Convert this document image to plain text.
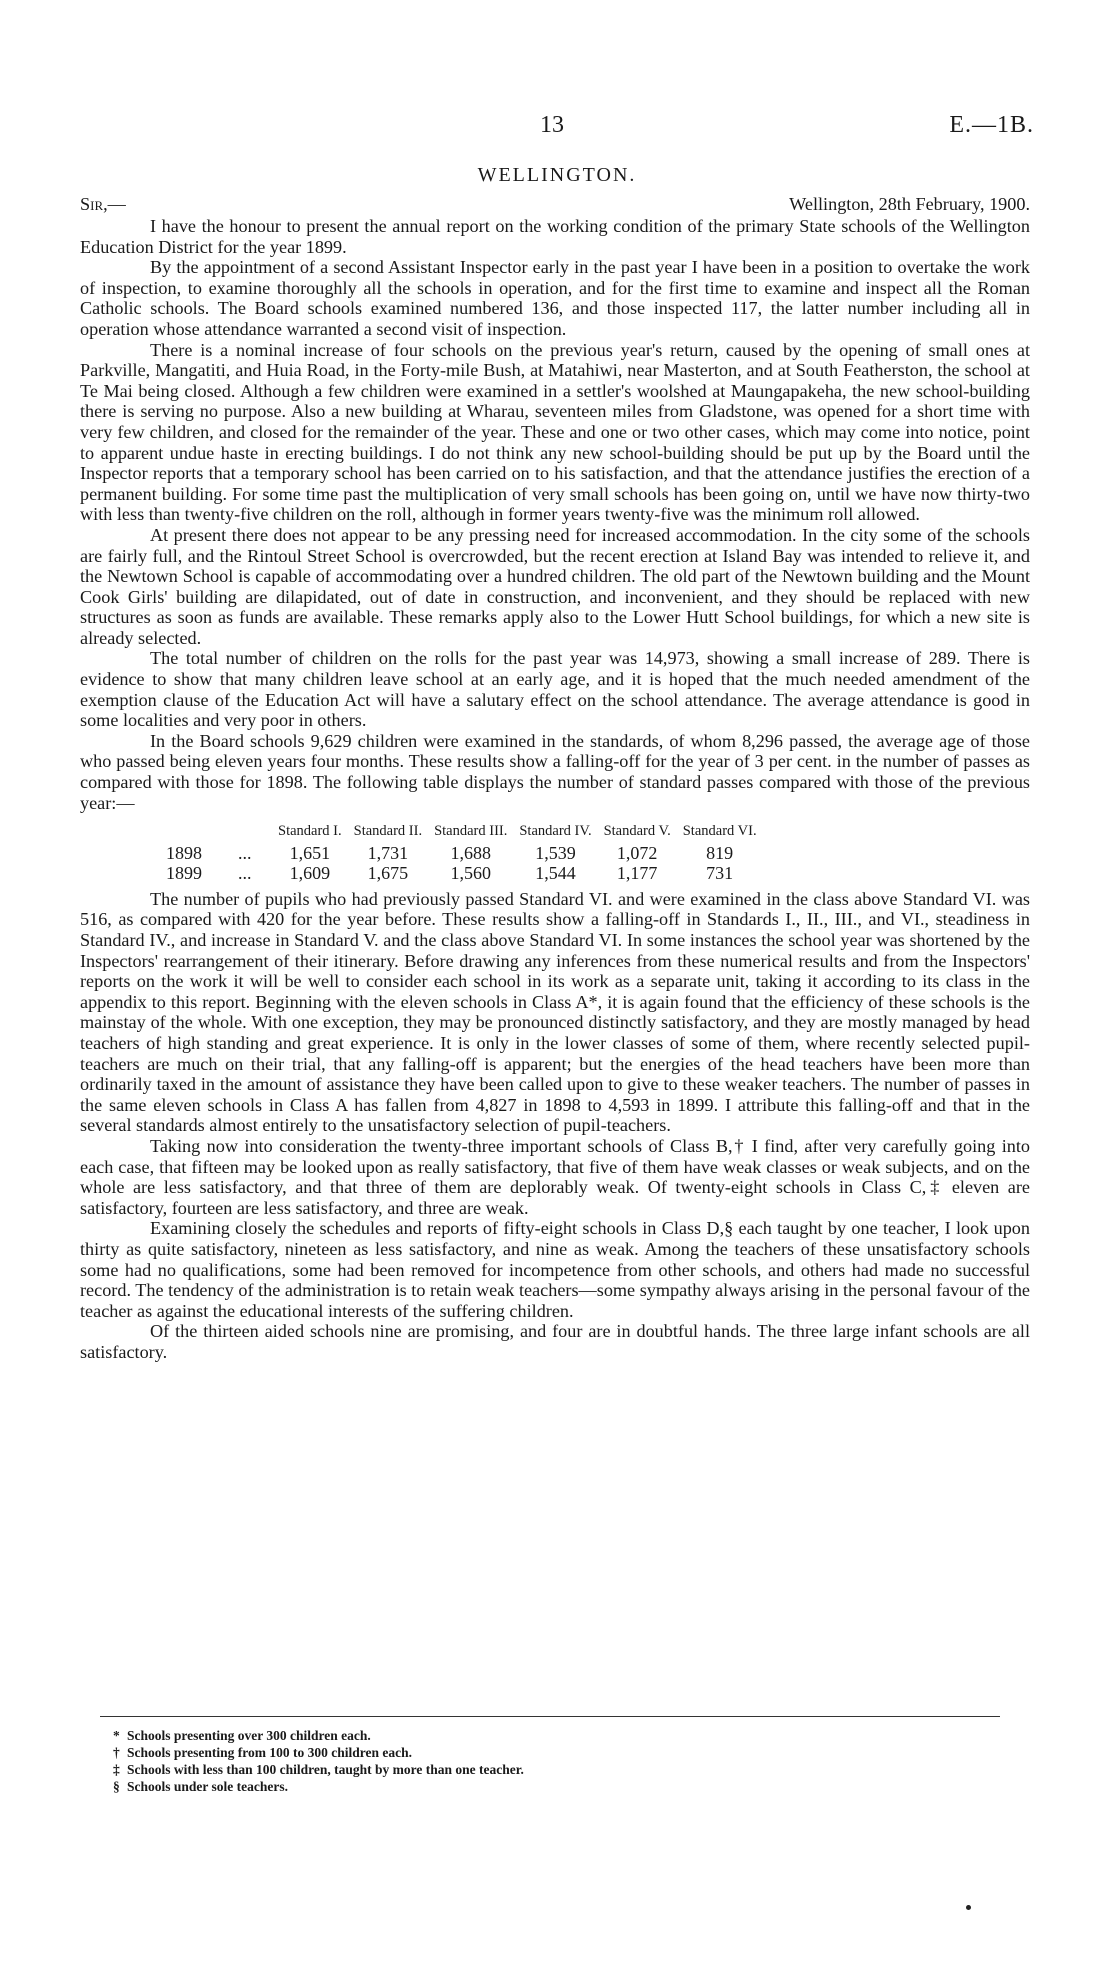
13	E.—1B.
WELLINGTON.
Sir,—	Wellington, 28th February, 1900.

I have the honour to present the annual report on the working condition of the primary State schools of the Wellington Education District for the year 1899.

By the appointment of a second Assistant Inspector early in the past year I have been in a position to overtake the work of inspection, to examine thoroughly all the schools in operation, and for the first time to examine and inspect all the Roman Catholic schools. The Board schools examined numbered 136, and those inspected 117, the latter number including all in operation whose attendance warranted a second visit of inspection.

There is a nominal increase of four schools on the previous year's return, caused by the opening of small ones at Parkville, Mangatiti, and Huia Road, in the Forty-mile Bush, at Matahiwi, near Masterton, and at South Featherston, the school at Te Mai being closed. Although a few children were examined in a settler's woolshed at Maungapakeha, the new school-building there is serving no purpose. Also a new building at Wharau, seventeen miles from Gladstone, was opened for a short time with very few children, and closed for the remainder of the year. These and one or two other cases, which may come into notice, point to apparent undue haste in erecting buildings. I do not think any new school-building should be put up by the Board until the Inspector reports that a temporary school has been carried on to his satisfaction, and that the attendance justifies the erection of a permanent building. For some time past the multiplication of very small schools has been going on, until we have now thirty-two with less than twenty-five children on the roll, although in former years twenty-five was the minimum roll allowed.

At present there does not appear to be any pressing need for increased accommodation. In the city some of the schools are fairly full, and the Rintoul Street School is overcrowded, but the recent erection at Island Bay was intended to relieve it, and the Newtown School is capable of accommodating over a hundred children. The old part of the Newtown building and the Mount Cook Girls' building are dilapidated, out of date in construction, and inconvenient, and they should be replaced with new structures as soon as funds are available. These remarks apply also to the Lower Hutt School buildings, for which a new site is already selected.

The total number of children on the rolls for the past year was 14,973, showing a small increase of 289. There is evidence to show that many children leave school at an early age, and it is hoped that the much needed amendment of the exemption clause of the Education Act will have a salutary effect on the school attendance. The average attendance is good in some localities and very poor in others.

In the Board schools 9,629 children were examined in the standards, of whom 8,296 passed, the average age of those who passed being eleven years four months. These results show a falling-off for the year of 3 per cent. in the number of passes as compared with those for 1898. The following table displays the number of standard passes compared with those of the previous year:—

		Standard I.	Standard II.	Standard III.	Standard IV.	Standard V.	Standard VI.
1898	...	1,651	1,731	1,688	1,539	1,072	819
1899	...	1,609	1,675	1,560	1,544	1,177	731

The number of pupils who had previously passed Standard VI. and were examined in the class above Standard VI. was 516, as compared with 420 for the year before. These results show a falling-off in Standards I., II., III., and VI., steadiness in Standard IV., and increase in Standard V. and the class above Standard VI. In some instances the school year was shortened by the Inspectors' rearrangement of their itinerary. Before drawing any inferences from these numerical results and from the Inspectors' reports on the work it will be well to consider each school in its work as a separate unit, taking it according to its class in the appendix to this report. Beginning with the eleven schools in Class A*, it is again found that the efficiency of these schools is the mainstay of the whole. With one exception, they may be pronounced distinctly satisfactory, and they are mostly managed by head teachers of high standing and great experience. It is only in the lower classes of some of them, where recently selected pupil-teachers are much on their trial, that any falling-off is apparent; but the energies of the head teachers have been more than ordinarily taxed in the amount of assistance they have been called upon to give to these weaker teachers. The number of passes in the same eleven schools in Class A has fallen from 4,827 in 1898 to 4,593 in 1899. I attribute this falling-off and that in the several standards almost entirely to the unsatisfactory selection of pupil-teachers.

Taking now into consideration the twenty-three important schools of Class B,† I find, after very carefully going into each case, that fifteen may be looked upon as really satisfactory, that five of them have weak classes or weak subjects, and on the whole are less satisfactory, and that three of them are deplorably weak. Of twenty-eight schools in Class C,‡ eleven are satisfactory, fourteen are less satisfactory, and three are weak.

Examining closely the schedules and reports of fifty-eight schools in Class D,§ each taught by one teacher, I look upon thirty as quite satisfactory, nineteen as less satisfactory, and nine as weak. Among the teachers of these unsatisfactory schools some had no qualifications, some had been removed for incompetence from other schools, and others had made no successful record. The tendency of the administration is to retain weak teachers—some sympathy always arising in the personal favour of the teacher as against the educational interests of the suffering children.

Of the thirteen aided schools nine are promising, and four are in doubtful hands. The three large infant schools are all satisfactory.

* Schools presenting over 300 children each.
† Schools presenting from 100 to 300 children each.
‡ Schools with less than 100 children, taught by more than one teacher.
§ Schools under sole teachers.
